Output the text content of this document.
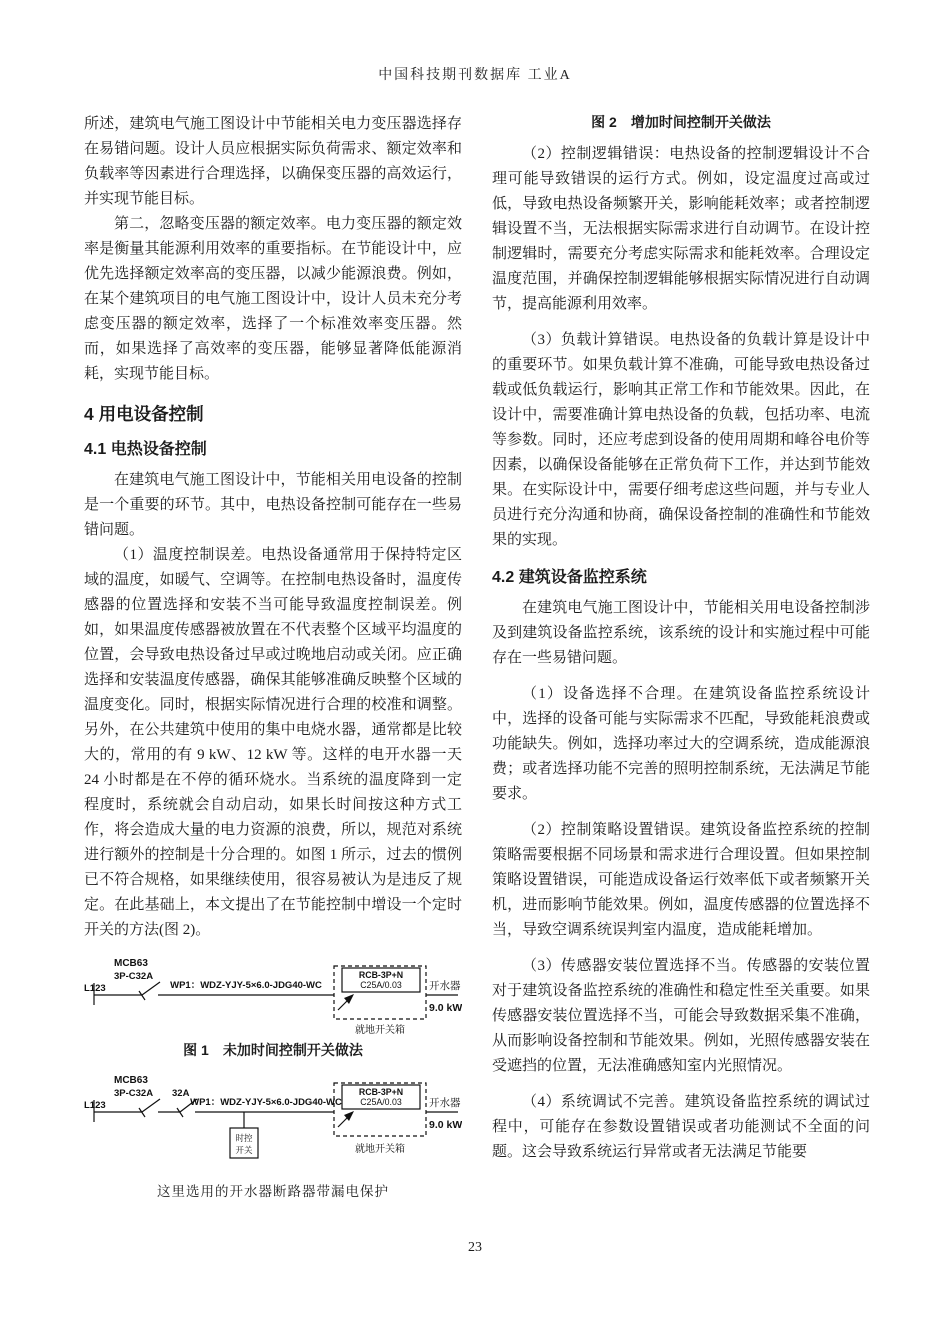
中国科技期刊数据库 工业A

所述，建筑电气施工图设计中节能相关电力变压器选择存在易错问题。设计人员应根据实际负荷需求、额定效率和负载率等因素进行合理选择，以确保变压器的高效运行，并实现节能目标。

第二，忽略变压器的额定效率。电力变压器的额定效率是衡量其能源利用效率的重要指标。在节能设计中，应优先选择额定效率高的变压器，以减少能源浪费。例如，在某个建筑项目的电气施工图设计中，设计人员未充分考虑变压器的额定效率，选择了一个标准效率变压器。然而，如果选择了高效率的变压器，能够显著降低能源消耗，实现节能目标。

4 用电设备控制
4.1 电热设备控制

在建筑电气施工图设计中，节能相关用电设备的控制是一个重要的环节。其中，电热设备控制可能存在一些易错问题。

（1）温度控制误差。电热设备通常用于保持特定区域的温度，如暖气、空调等。在控制电热设备时，温度传感器的位置选择和安装不当可能导致温度控制误差。例如，如果温度传感器被放置在不代表整个区域平均温度的位置，会导致电热设备过早或过晚地启动或关闭。应正确选择和安装温度传感器，确保其能够准确反映整个区域的温度变化。同时，根据实际情况进行合理的校准和调整。另外，在公共建筑中使用的集中电烧水器，通常都是比较大的，常用的有 9 kW、12 kW 等。这样的电开水器一天 24 小时都是在不停的循环烧水。当系统的温度降到一定程度时，系统就会自动启动，如果长时间按这种方式工作，将会造成大量的电力资源的浪费，所以，规范对系统进行额外的控制是十分合理的。如图 1 所示，过去的惯例已不符合规格，如果继续使用，很容易被认为是违反了规定。在此基础上，本文提出了在节能控制中增设一个定时开关的方法(图 2)。

MCB63
3P-C32A
L123	WP1：WDZ-YJY-5×6.0-JDG40-WC
RCB-3P+N
C25A/0.03	开水器
9.0 kW
就地开关箱
图 1　未加时间控制开关做法
MCB63
3P-C32A 32A
L123	WP1：WDZ-YJY-5×6.0-JDG40-WC
时控
开关
RCB-3P+N
C25A/0.03	开水器
9.0 kW
就地开关箱
这里选用的开水器断路器带漏电保护
图 2　增加时间控制开关做法

（2）控制逻辑错误：电热设备的控制逻辑设计不合理可能导致错误的运行方式。例如，设定温度过高或过低，导致电热设备频繁开关，影响能耗效率；或者控制逻辑设置不当，无法根据实际需求进行自动调节。在设计控制逻辑时，需要充分考虑实际需求和能耗效率。合理设定温度范围，并确保控制逻辑能够根据实际情况进行自动调节，提高能源利用效率。

（3）负载计算错误。电热设备的负载计算是设计中的重要环节。如果负载计算不准确，可能导致电热设备过载或低负载运行，影响其正常工作和节能效果。因此，在设计中，需要准确计算电热设备的负载，包括功率、电流等参数。同时，还应考虑到设备的使用周期和峰谷电价等因素，以确保设备能够在正常负荷下工作，并达到节能效果。在实际设计中，需要仔细考虑这些问题，并与专业人员进行充分沟通和协商，确保设备控制的准确性和节能效果的实现。

4.2 建筑设备监控系统

在建筑电气施工图设计中，节能相关用电设备控制涉及到建筑设备监控系统，该系统的设计和实施过程中可能存在一些易错问题。

（1）设备选择不合理。在建筑设备监控系统设计中，选择的设备可能与实际需求不匹配，导致能耗浪费或功能缺失。例如，选择功率过大的空调系统，造成能源浪费；或者选择功能不完善的照明控制系统，无法满足节能要求。

（2）控制策略设置错误。建筑设备监控系统的控制策略需要根据不同场景和需求进行合理设置。但如果控制策略设置错误，可能造成设备运行效率低下或者频繁开关机，进而影响节能效果。例如，温度传感器的位置选择不当，导致空调系统误判室内温度，造成能耗增加。

（3）传感器安装位置选择不当。传感器的安装位置对于建筑设备监控系统的准确性和稳定性至关重要。如果传感器安装位置选择不当，可能会导致数据采集不准确，从而影响设备控制和节能效果。例如，光照传感器安装在受遮挡的位置，无法准确感知室内光照情况。

（4）系统调试不完善。建筑设备监控系统的调试过程中，可能存在参数设置错误或者功能测试不全面的问题。这会导致系统运行异常或者无法满足节能要

23
